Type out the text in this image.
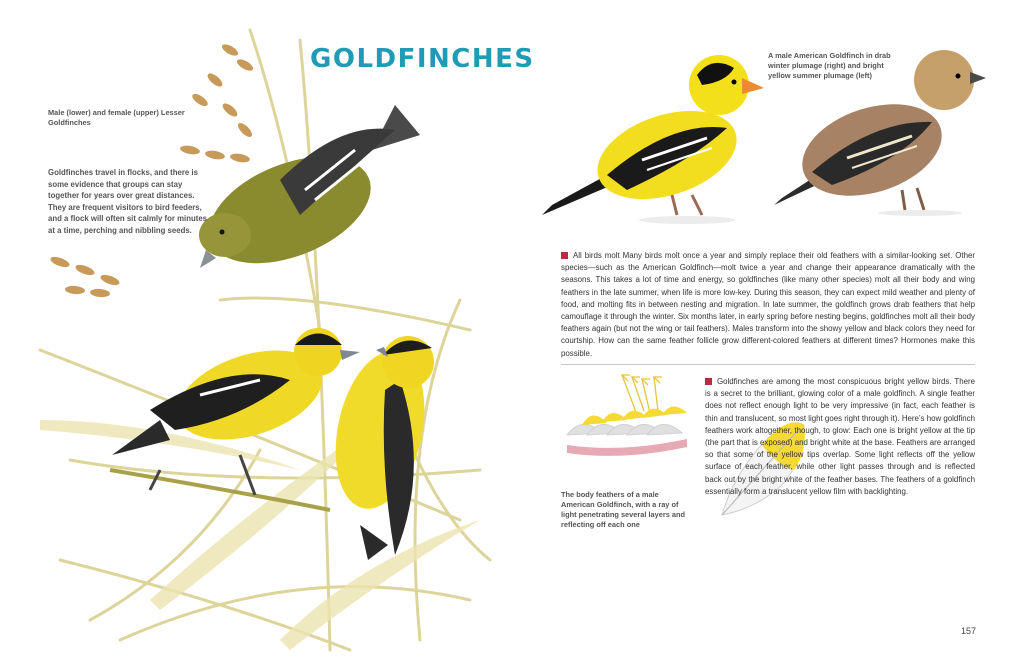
GOLDFINCHES
Male (lower) and female (upper) Lesser Goldfinches
Goldfinches travel in flocks, and there is some evidence that groups can stay together for years over great distances. They are frequent visitors to bird feeders, and a flock will often sit calmly for minutes at a time, perching and nibbling seeds.
A male American Goldfinch in drab winter plumage (right) and bright yellow summer plumage (left)
The body feathers of a male American Goldfinch, with a ray of light penetrating several layers and reflecting off each one
157
All birds molt Many birds molt once a year and simply replace their old feathers with a similar-looking set. Other species—such as the American Goldfinch—molt twice a year and change their appearance dramatically with the seasons. This takes a lot of time and energy, so goldfinches (like many other species) molt all their body and wing feathers in the late summer, when life is more low-key. During this season, they can expect mild weather and plenty of food, and molting fits in between nesting and migration. In late summer, the goldfinch grows drab feathers that help camouflage it through the winter. Six months later, in early spring before nesting begins, goldfinches molt all their body feathers again (but not the wing or tail feathers). Males transform into the showy yellow and black colors they need for courtship. How can the same feather follicle grow different-colored feathers at different times? Hormones make this possible.
Goldfinches are among the most conspicuous bright yellow birds. There is a secret to the brilliant, glowing color of a male goldfinch. A single feather does not reflect enough light to be very impressive (in fact, each feather is thin and translucent, so most light goes right through it). Here’s how goldfinch feathers work altogether, though, to glow: Each one is bright yellow at the tip (the part that is exposed) and bright white at the base. Feathers are arranged so that some of the yellow tips overlap. Some light reflects off the yellow surface of each feather, while other light passes through and is reflected back out by the bright white of the feather bases. The feathers of a goldfinch essentially form a translucent yellow film with backlighting.
